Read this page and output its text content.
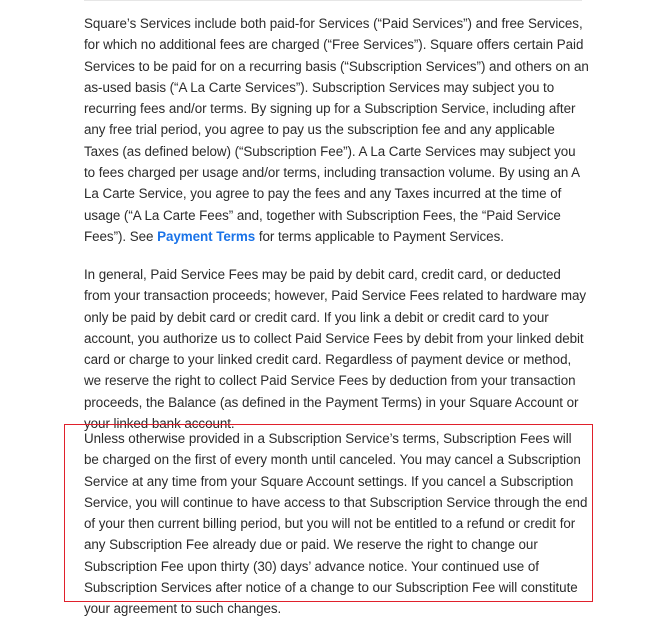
Square’s Services include both paid-for Services (“Paid Services”) and free Services, for which no additional fees are charged (“Free Services”). Square offers certain Paid Services to be paid for on a recurring basis (“Subscription Services”) and others on an as-used basis (“A La Carte Services”). Subscription Services may subject you to recurring fees and/or terms. By signing up for a Subscription Service, including after any free trial period, you agree to pay us the subscription fee and any applicable Taxes (as defined below) (“Subscription Fee”). A La Carte Services may subject you to fees charged per usage and/or terms, including transaction volume. By using an A La Carte Service, you agree to pay the fees and any Taxes incurred at the time of usage (“A La Carte Fees” and, together with Subscription Fees, the “Paid Service Fees”). See Payment Terms for terms applicable to Payment Services.

In general, Paid Service Fees may be paid by debit card, credit card, or deducted from your transaction proceeds; however, Paid Service Fees related to hardware may only be paid by debit card or credit card. If you link a debit or credit card to your account, you authorize us to collect Paid Service Fees by debit from your linked debit card or charge to your linked credit card. Regardless of payment device or method, we reserve the right to collect Paid Service Fees by deduction from your transaction proceeds, the Balance (as defined in the Payment Terms) in your Square Account or your linked bank account.

Unless otherwise provided in a Subscription Service’s terms, Subscription Fees will be charged on the first of every month until canceled. You may cancel a Subscription Service at any time from your Square Account settings. If you cancel a Subscription Service, you will continue to have access to that Subscription Service through the end of your then current billing period, but you will not be entitled to a refund or credit for any Subscription Fee already due or paid. We reserve the right to change our Subscription Fee upon thirty (30) days’ advance notice. Your continued use of Subscription Services after notice of a change to our Subscription Fee will constitute your agreement to such changes.
